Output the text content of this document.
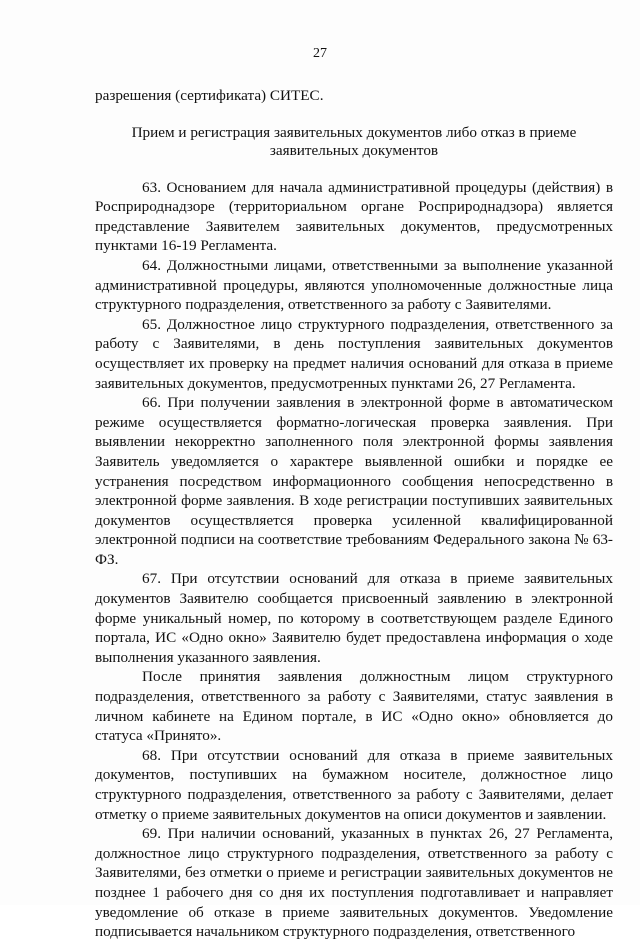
27
разрешения (сертификата) СИТЕС.
Прием и регистрация заявительных документов либо отказ в приеме заявительных документов

63. Основанием для начала административной процедуры (действия) в Росприроднадзоре (территориальном органе Росприроднадзора) является представление Заявителем заявительных документов, предусмотренных пунктами 16-19 Регламента.

64. Должностными лицами, ответственными за выполнение указанной административной процедуры, являются уполномоченные должностные лица структурного подразделения, ответственного за работу с Заявителями.

65. Должностное лицо структурного подразделения, ответственного за работу с Заявителями, в день поступления заявительных документов осуществляет их проверку на предмет наличия оснований для отказа в приеме заявительных документов, предусмотренных пунктами 26, 27 Регламента.

66. При получении заявления в электронной форме в автоматическом режиме осуществляется форматно-логическая проверка заявления. При выявлении некорректно заполненного поля электронной формы заявления Заявитель уведомляется о характере выявленной ошибки и порядке ее устранения посредством информационного сообщения непосредственно в электронной форме заявления. В ходе регистрации поступивших заявительных документов осуществляется проверка усиленной квалифицированной электронной подписи на соответствие требованиям Федерального закона № 63-ФЗ.

67. При отсутствии оснований для отказа в приеме заявительных документов Заявителю сообщается присвоенный заявлению в электронной форме уникальный номер, по которому в соответствующем разделе Единого портала, ИС «Одно окно» Заявителю будет предоставлена информация о ходе выполнения указанного заявления.

После принятия заявления должностным лицом структурного подразделения, ответственного за работу с Заявителями, статус заявления в личном кабинете на Едином портале, в ИС «Одно окно» обновляется до статуса «Принято».

68. При отсутствии оснований для отказа в приеме заявительных документов, поступивших на бумажном носителе, должностное лицо структурного подразделения, ответственного за работу с Заявителями, делает отметку о приеме заявительных документов на описи документов и заявлении.

69. При наличии оснований, указанных в пунктах 26, 27 Регламента, должностное лицо структурного подразделения, ответственного за работу с Заявителями, без отметки о приеме и регистрации заявительных документов не позднее 1 рабочего дня со дня их поступления подготавливает и направляет уведомление об отказе в приеме заявительных документов. Уведомление подписывается начальником структурного подразделения, ответственного
